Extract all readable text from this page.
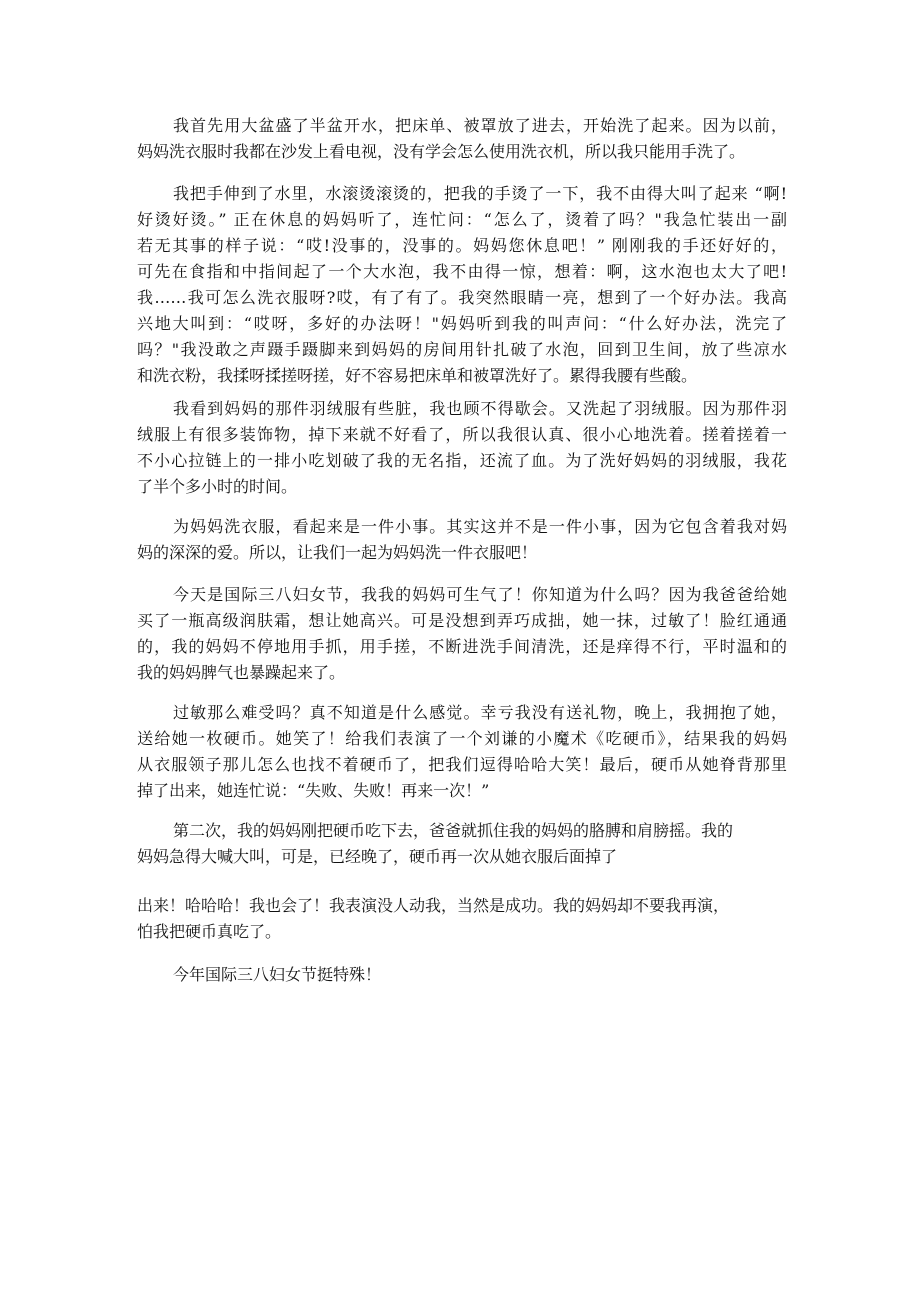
我首先用大盆盛了半盆开水，把床单、被罩放了进去，开始洗了起来。因为以前，
妈妈洗衣服时我都在沙发上看电视，没有学会怎么使用洗衣机，所以我只能用手洗了。
我把手伸到了水里，水滚烫滚烫的，把我的手烫了一下，我不由得大叫了起来 “啊!
好烫好烫。” 正在休息的妈妈听了，连忙问：“怎么了，烫着了吗？"我急忙装出一副
若无其事的样子说：“哎!没事的，没事的。妈妈您休息吧！” 刚刚我的手还好好的，
可先在食指和中指间起了一个大水泡，我不由得一惊，想着：啊，这水泡也太大了吧!
我……我可怎么洗衣服呀?哎，有了有了。我突然眼睛一亮，想到了一个好办法。我高
兴地大叫到：“哎呀，多好的办法呀！"妈妈听到我的叫声问：“什么好办法，洗完了
吗？"我没敢之声蹑手蹑脚来到妈妈的房间用针扎破了水泡，回到卫生间，放了些凉水
和洗衣粉，我揉呀揉搓呀搓，好不容易把床单和被罩洗好了。累得我腰有些酸。
我看到妈妈的那件羽绒服有些脏，我也顾不得歇会。又洗起了羽绒服。因为那件羽
绒服上有很多装饰物，掉下来就不好看了，所以我很认真、很小心地洗着。搓着搓着一
不小心拉链上的一排小吃划破了我的无名指，还流了血。为了洗好妈妈的羽绒服，我花
了半个多小时的时间。
为妈妈洗衣服，看起来是一件小事。其实这并不是一件小事，因为它包含着我对妈
妈的深深的爱。所以，让我们一起为妈妈洗一件衣服吧！
今天是国际三八妇女节，我我的妈妈可生气了！你知道为什么吗？因为我爸爸给她
买了一瓶高级润肤霜，想让她高兴。可是没想到弄巧成拙，她一抹，过敏了！脸红通通
的，我的妈妈不停地用手抓，用手搓，不断进洗手间清洗，还是痒得不行，平时温和的
我的妈妈脾气也暴躁起来了。
过敏那么难受吗？真不知道是什么感觉。幸亏我没有送礼物，晚上，我拥抱了她，
送给她一枚硬币。她笑了！给我们表演了一个刘谦的小魔术《吃硬币》，结果我的妈妈
从衣服领子那儿怎么也找不着硬币了，把我们逗得哈哈大笑！最后，硬币从她脊背那里
掉了出来，她连忙说：“失败、失败！再来一次！”
第二次，我的妈妈刚把硬币吃下去，爸爸就抓住我的妈妈的胳膊和肩膀摇。我的
妈妈急得大喊大叫，可是，已经晚了，硬币再一次从她衣服后面掉了
出来！哈哈哈！我也会了！我表演没人动我，当然是成功。我的妈妈却不要我再演，
怕我把硬币真吃了。
今年国际三八妇女节挺特殊！
